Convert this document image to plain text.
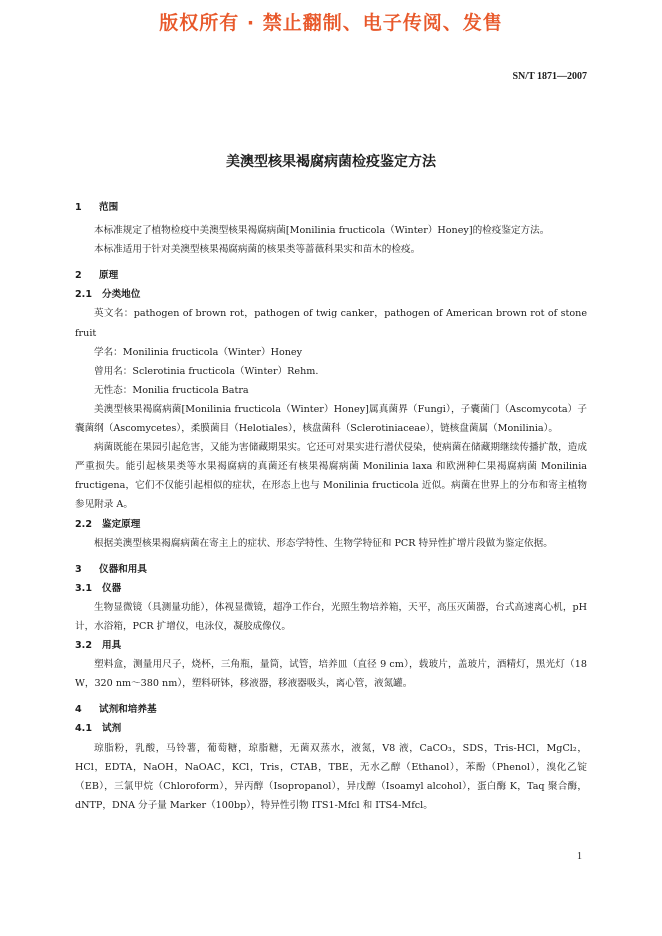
版权所有 · 禁止翻制、电子传阅、发售
SN/T 1871—2007
美澳型核果褐腐病菌检疫鉴定方法
1 范围

本标准规定了植物检疫中美澳型核果褐腐病菌[Monilinia fructicola（Winter）Honey]的检疫鉴定方法。

本标准适用于针对美澳型核果褐腐病菌的核果类等蔷薇科果实和苗木的检疫。

2 原理
2.1 分类地位

英文名：pathogen of brown rot，pathogen of twig canker，pathogen of American brown rot of stone fruit

学名：Monilinia fructicola（Winter）Honey

曾用名：Sclerotinia fructicola（Winter）Rehm.

无性态：Monilia fructicola Batra

美澳型核果褐腐病菌[Monilinia fructicola（Winter）Honey]属真菌界（Fungi），子囊菌门（Ascomycota）子囊菌纲（Ascomycetes），柔膜菌目（Helotiales），核盘菌科（Sclerotiniaceae），链核盘菌属（Monilinia）。

病菌既能在果园引起危害，又能为害储藏期果实。它还可对果实进行潜伏侵染，使病菌在储藏期继续传播扩散，造成严重损失。能引起核果类等水果褐腐病的真菌还有核果褐腐病菌 Monilinia laxa 和欧洲种仁果褐腐病菌 Monilinia fructigena，它们不仅能引起相似的症状，在形态上也与 Monilinia fructicola 近似。病菌在世界上的分布和寄主植物参见附录 A。

2.2 鉴定原理

根据美澳型核果褐腐病菌在寄主上的症状、形态学特性、生物学特征和 PCR 特异性扩增片段做为鉴定依据。

3 仪器和用具
3.1 仪器

生物显微镜（具测量功能），体视显微镜，超净工作台，光照生物培养箱，天平，高压灭菌器，台式高速离心机，pH 计，水浴箱，PCR 扩增仪，电泳仪，凝胶成像仪。

3.2 用具

塑料盒，测量用尺子，烧杯，三角瓶，量筒，试管，培养皿（直径 9 cm），载玻片，盖玻片，酒精灯，黑光灯（18 W，320 nm～380 nm），塑料研钵，移液器，移液器吸头，离心管，液氮罐。

4 试剂和培养基
4.1 试剂

琼脂粉，乳酸，马铃薯，葡萄糖，琼脂糖，无菌双蒸水，液氮，V8 液，CaCO₃，SDS，Tris-HCl，MgCl₂，HCl，EDTA，NaOH，NaOAC，KCl，Tris，CTAB，TBE，无水乙醇（Ethanol），苯酚（Phenol），溴化乙锭（EB），三氯甲烷（Chloroform），异丙醇（Isopropanol），异戊醇（Isoamyl alcohol），蛋白酶 K，Taq 聚合酶，dNTP，DNA 分子量 Marker（100bp），特异性引物 ITS1-Mfcl 和 ITS4-Mfcl。

1
